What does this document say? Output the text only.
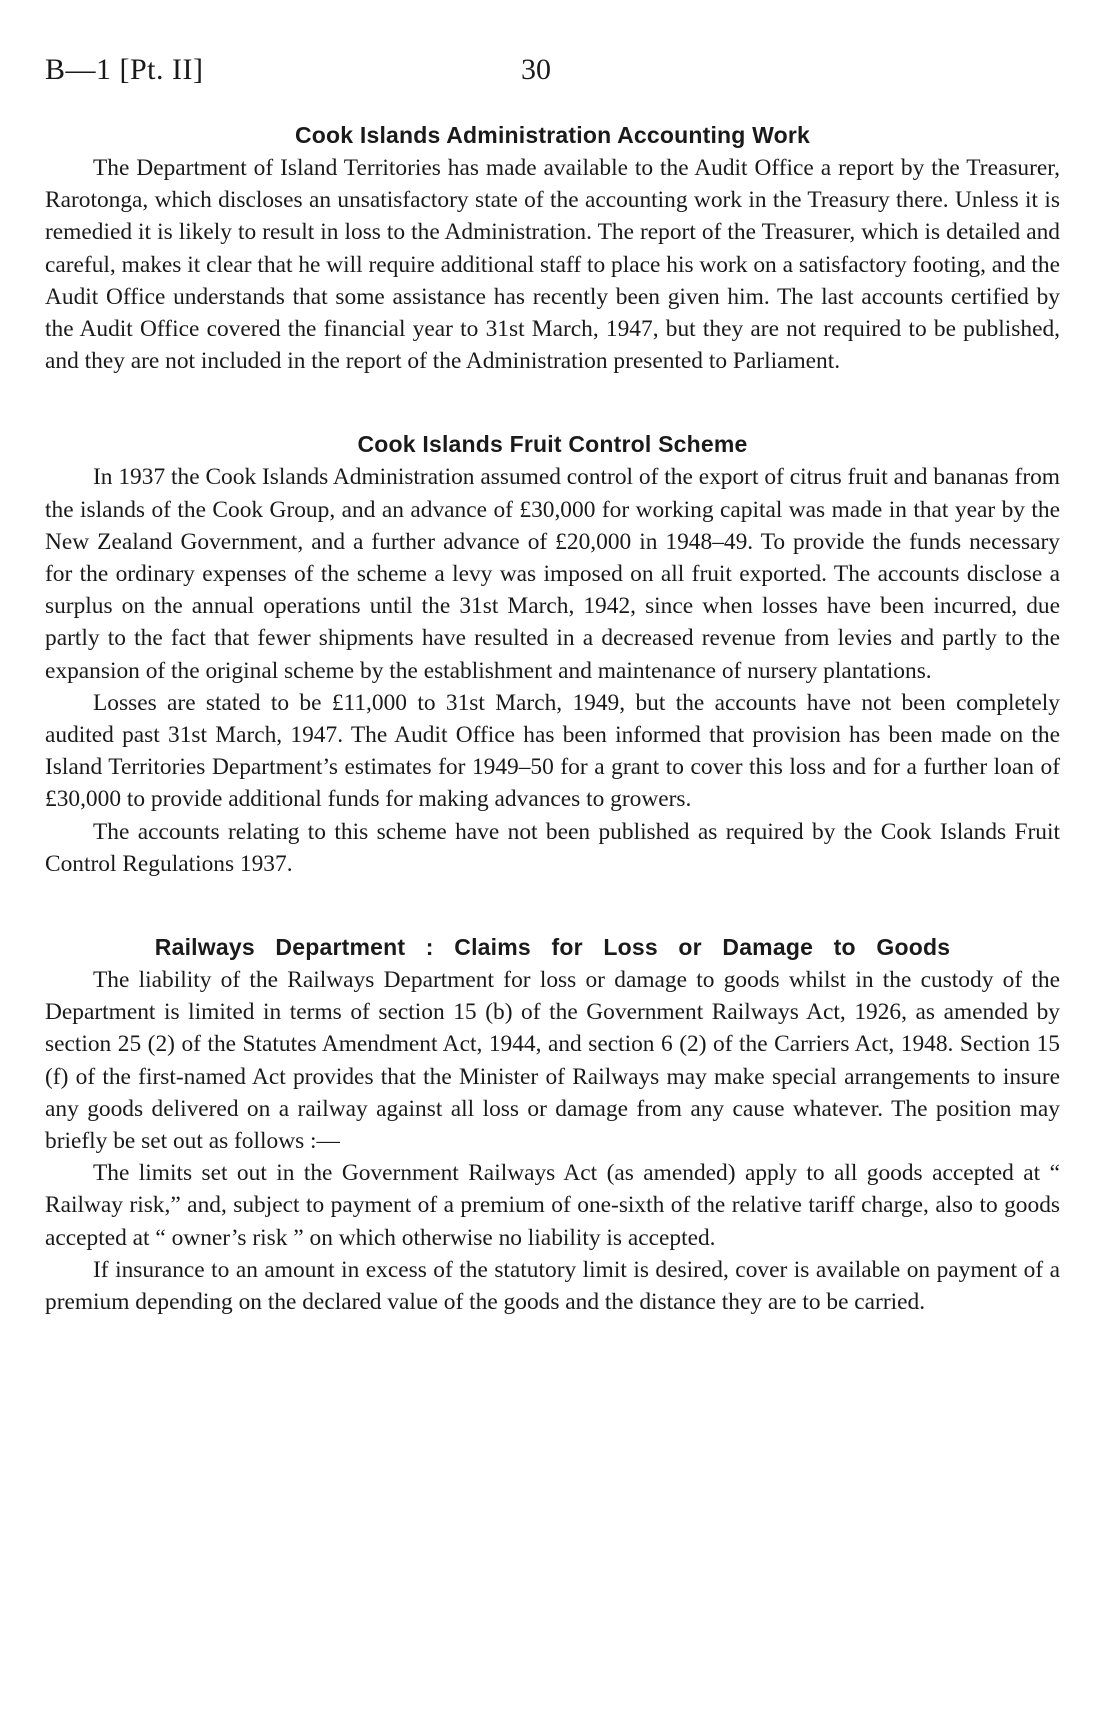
B—1 [Pt. II]	30
Cook Islands Administration Accounting Work

The Department of Island Territories has made available to the Audit Office a report by the Treasurer, Rarotonga, which discloses an unsatisfactory state of the accounting work in the Treasury there. Unless it is remedied it is likely to result in loss to the Administration. The report of the Treasurer, which is detailed and careful, makes it clear that he will require additional staff to place his work on a satisfactory footing, and the Audit Office understands that some assistance has recently been given him. The last accounts certified by the Audit Office covered the financial year to 31st March, 1947, but they are not required to be published, and they are not included in the report of the Administration presented to Parliament.

Cook Islands Fruit Control Scheme

In 1937 the Cook Islands Administration assumed control of the export of citrus fruit and bananas from the islands of the Cook Group, and an advance of £30,000 for working capital was made in that year by the New Zealand Government, and a further advance of £20,000 in 1948–49. To provide the funds necessary for the ordinary expenses of the scheme a levy was imposed on all fruit exported. The accounts disclose a surplus on the annual operations until the 31st March, 1942, since when losses have been incurred, due partly to the fact that fewer shipments have resulted in a decreased revenue from levies and partly to the expansion of the original scheme by the establishment and maintenance of nursery plantations.

Losses are stated to be £11,000 to 31st March, 1949, but the accounts have not been completely audited past 31st March, 1947. The Audit Office has been informed that provision has been made on the Island Territories Department’s estimates for 1949–50 for a grant to cover this loss and for a further loan of £30,000 to provide additional funds for making advances to growers.

The accounts relating to this scheme have not been published as required by the Cook Islands Fruit Control Regulations 1937.

Railways Department : Claims for Loss or Damage to Goods

The liability of the Railways Department for loss or damage to goods whilst in the custody of the Department is limited in terms of section 15 (b) of the Government Railways Act, 1926, as amended by section 25 (2) of the Statutes Amendment Act, 1944, and section 6 (2) of the Carriers Act, 1948. Section 15 (f) of the first-named Act provides that the Minister of Railways may make special arrangements to insure any goods delivered on a railway against all loss or damage from any cause whatever. The position may briefly be set out as follows :—

The limits set out in the Government Railways Act (as amended) apply to all goods accepted at “ Railway risk,” and, subject to payment of a premium of one-sixth of the relative tariff charge, also to goods accepted at “ owner’s risk ” on which otherwise no liability is accepted.

If insurance to an amount in excess of the statutory limit is desired, cover is available on payment of a premium depending on the declared value of the goods and the distance they are to be carried.
